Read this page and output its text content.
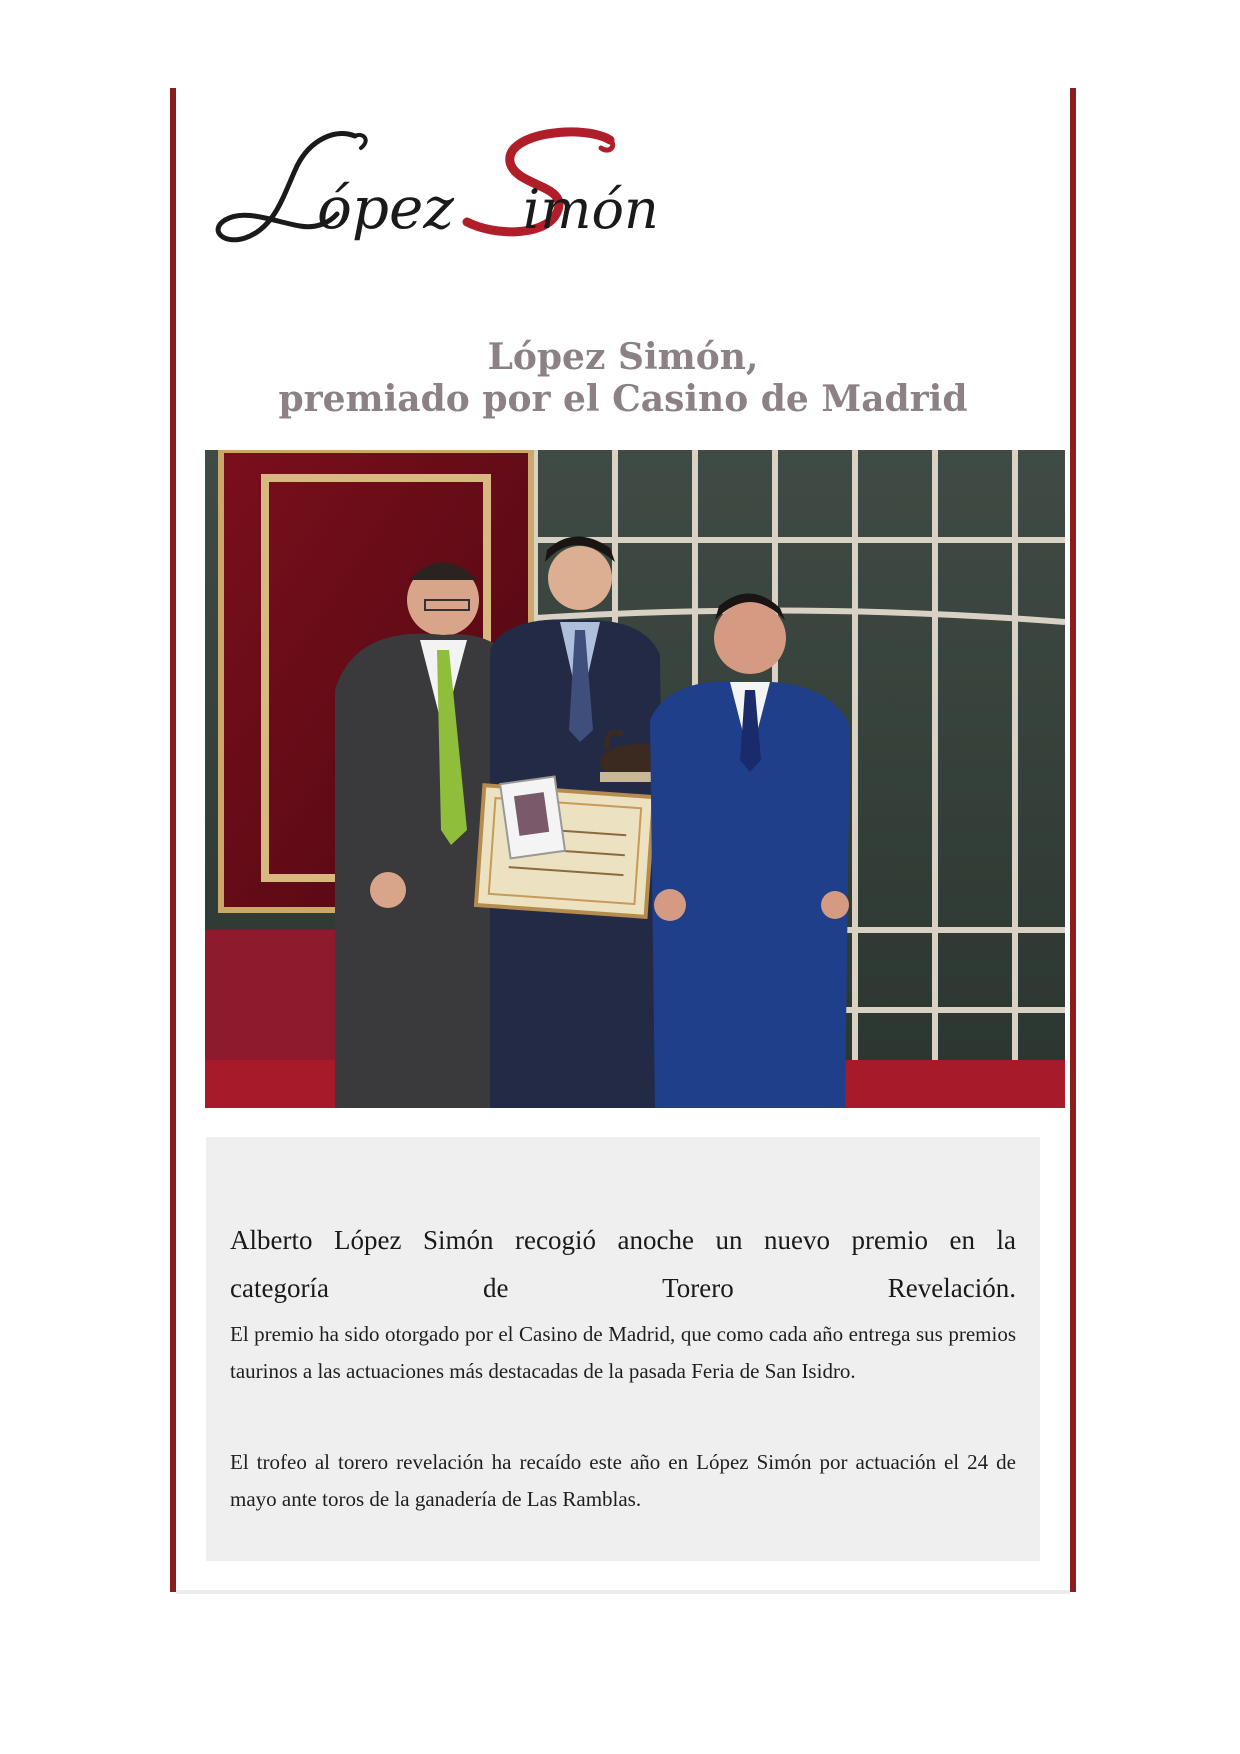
ópez imón
López Simón,
premiado por el Casino de Madrid
Alberto López Simón recogió anoche un nuevo premio en la
categoría de Torero Revelación.
El premio ha sido otorgado por el Casino de Madrid, que como cada año entrega sus premios taurinos a las actuaciones más destacadas de la pasada Feria de San Isidro.
El trofeo al torero revelación ha recaído este año en López Simón por actuación el 24 de mayo ante toros de la ganadería de Las Ramblas.
